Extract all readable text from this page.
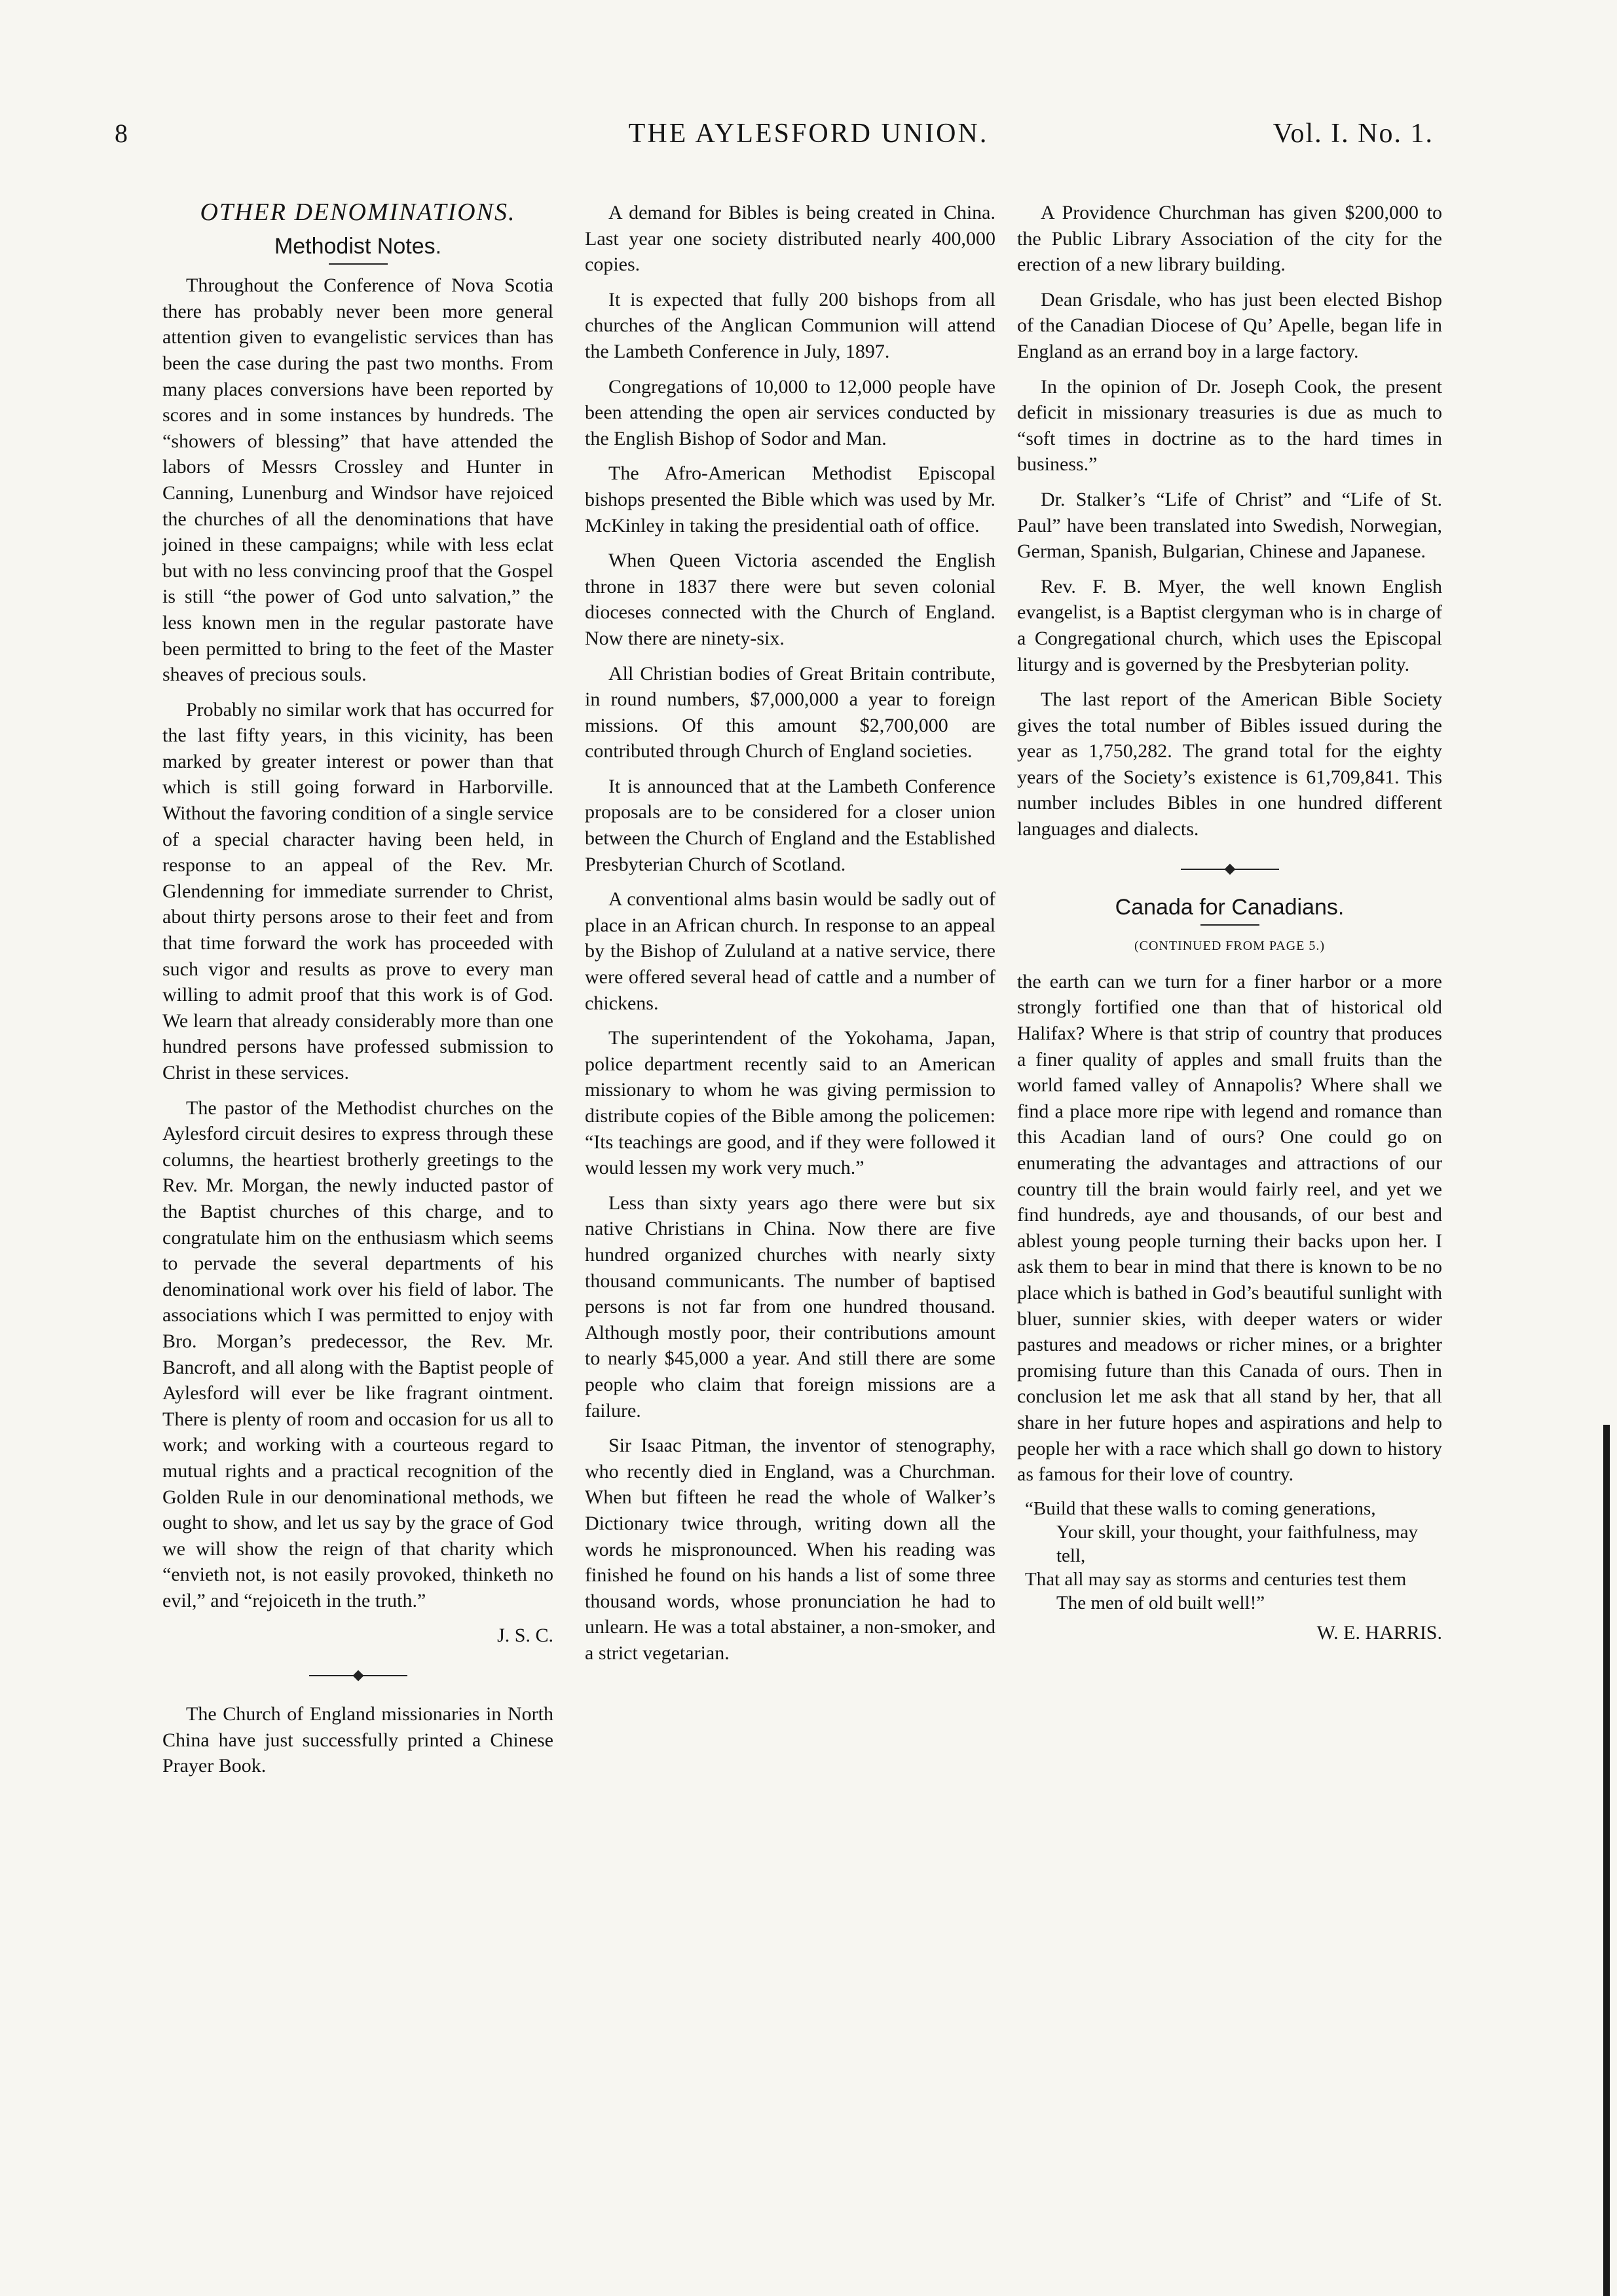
8	THE AYLESFORD UNION.	Vol. I. No. 1.
OTHER DENOMINATIONS.
Methodist Notes.

Throughout the Conference of Nova Scotia there has probably never been more general attention given to evangelistic services than has been the case during the past two months. From many places conversions have been reported by scores and in some instances by hundreds. The “showers of blessing” that have attended the labors of Messrs Crossley and Hunter in Canning, Lunenburg and Windsor have rejoiced the churches of all the denominations that have joined in these campaigns; while with less eclat but with no less convincing proof that the Gospel is still “the power of God unto salvation,” the less known men in the regular pastorate have been permitted to bring to the feet of the Master sheaves of precious souls.

Probably no similar work that has occurred for the last fifty years, in this vicinity, has been marked by greater interest or power than that which is still going forward in Harborville. Without the favoring condition of a single service of a special character having been held, in response to an appeal of the Rev. Mr. Glendenning for immediate surrender to Christ, about thirty persons arose to their feet and from that time forward the work has proceeded with such vigor and results as prove to every man willing to admit proof that this work is of God. We learn that already considerably more than one hundred persons have professed submission to Christ in these services.

The pastor of the Methodist churches on the Aylesford circuit desires to express through these columns, the heartiest brotherly greetings to the Rev. Mr. Morgan, the newly inducted pastor of the Baptist churches of this charge, and to congratulate him on the enthusiasm which seems to pervade the several departments of his denominational work over his field of labor. The associations which I was permitted to enjoy with Bro. Morgan’s predecessor, the Rev. Mr. Bancroft, and all along with the Baptist people of Aylesford will ever be like fragrant ointment. There is plenty of room and occasion for us all to work; and working with a courteous regard to mutual rights and a practical recognition of the Golden Rule in our denominational methods, we ought to show, and let us say by the grace of God we will show the reign of that charity which “envieth not, is not easily provoked, thinketh no evil,” and “rejoiceth in the truth.”

J. S. C.

The Church of England missionaries in North China have just successfully printed a Chinese Prayer Book.

A demand for Bibles is being created in China. Last year one society distributed nearly 400,000 copies.

It is expected that fully 200 bishops from all churches of the Anglican Communion will attend the Lambeth Conference in July, 1897.

Congregations of 10,000 to 12,000 people have been attending the open air services conducted by the English Bishop of Sodor and Man.

The Afro-American Methodist Episcopal bishops presented the Bible which was used by Mr. McKinley in taking the presidential oath of office.

When Queen Victoria ascended the English throne in 1837 there were but seven colonial dioceses connected with the Church of England. Now there are ninety-six.

All Christian bodies of Great Britain contribute, in round numbers, $7,000,000 a year to foreign missions. Of this amount $2,700,000 are contributed through Church of England societies.

It is announced that at the Lambeth Conference proposals are to be considered for a closer union between the Church of England and the Established Presbyterian Church of Scotland.

A conventional alms basin would be sadly out of place in an African church. In response to an appeal by the Bishop of Zululand at a native service, there were offered several head of cattle and a number of chickens.

The superintendent of the Yokohama, Japan, police department recently said to an American missionary to whom he was giving permission to distribute copies of the Bible among the policemen: “Its teachings are good, and if they were followed it would lessen my work very much.”

Less than sixty years ago there were but six native Christians in China. Now there are five hundred organized churches with nearly sixty thousand communicants. The number of baptised persons is not far from one hundred thousand. Although mostly poor, their contributions amount to nearly $45,000 a year. And still there are some people who claim that foreign missions are a failure.

Sir Isaac Pitman, the inventor of stenography, who recently died in England, was a Churchman. When but fifteen he read the whole of Walker’s Dictionary twice through, writing down all the words he mispronounced. When his reading was finished he found on his hands a list of some three thousand words, whose pronunciation he had to unlearn. He was a total abstainer, a non-smoker, and a strict vegetarian.

A Providence Churchman has given $200,000 to the Public Library Association of the city for the erection of a new library building.

Dean Grisdale, who has just been elected Bishop of the Canadian Diocese of Qu’ Apelle, began life in England as an errand boy in a large factory.

In the opinion of Dr. Joseph Cook, the present deficit in missionary treasuries is due as much to “soft times in doctrine as to the hard times in business.”

Dr. Stalker’s “Life of Christ” and “Life of St. Paul” have been translated into Swedish, Norwegian, German, Spanish, Bulgarian, Chinese and Japanese.

Rev. F. B. Myer, the well known English evangelist, is a Baptist clergyman who is in charge of a Congregational church, which uses the Episcopal liturgy and is governed by the Presbyterian polity.

The last report of the American Bible Society gives the total number of Bibles issued during the year as 1,750,282. The grand total for the eighty years of the Society’s existence is 61,709,841. This number includes Bibles in one hundred different languages and dialects.

Canada for Canadians.
(CONTINUED FROM PAGE 5.)

the earth can we turn for a finer harbor or a more strongly fortified one than that of historical old Halifax? Where is that strip of country that produces a finer quality of apples and small fruits than the world famed valley of Annapolis? Where shall we find a place more ripe with legend and romance than this Acadian land of ours? One could go on enumerating the advantages and attractions of our country till the brain would fairly reel, and yet we find hundreds, aye and thousands, of our best and ablest young people turning their backs upon her. I ask them to bear in mind that there is known to be no place which is bathed in God’s beautiful sunlight with bluer, sunnier skies, with deeper waters or wider pastures and meadows or richer mines, or a brighter promising future than this Canada of ours. Then in conclusion let me ask that all stand by her, that all share in her future hopes and aspirations and help to people her with a race which shall go down to history as famous for their love of country.

“Build that these walls to coming generations,
Your skill, your thought, your faithfulness, may tell,
That all may say as storms and centuries test them
The men of old built well!”

W. E. HARRIS.
